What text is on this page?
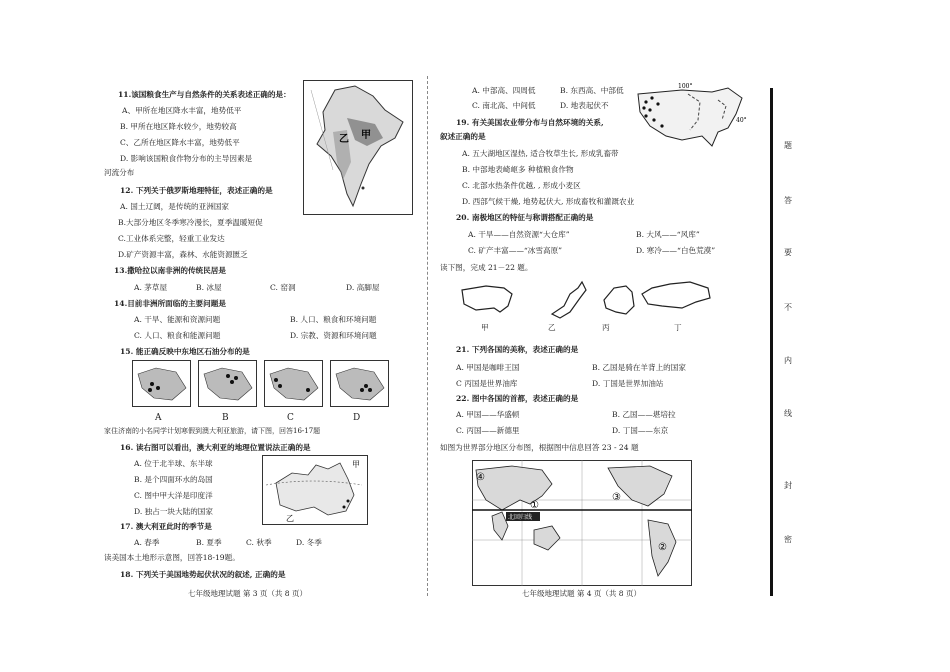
11.该国粮食生产与自然条件的关系表述正确的是：
A、甲所在地区降水丰富，地势低平
B. 甲所在地区降水较少，地势较高
C、乙所在地区降水丰富，地势低平
D. 影响该国粮食作物分布的主导因素是
河流分布
乙 甲
12. 下列关于俄罗斯地理特征，表述正确的是
A. 国土辽阔，是传统的亚洲国家
B.大部分地区冬季寒冷漫长，夏季温暖短促
C.工业体系完整，轻重工业发达
D.矿产资源丰富，森林、水能资源匮乏
13.撒哈拉以南非洲的传统民居是
A. 茅草屋	B. 冰屋	C. 窑洞	D. 高脚屋
14.目前非洲所面临的主要问题是
A. 干旱、能源和资源问题	B. 人口、粮食和环境问题
C. 人口、粮食和能源问题	D. 宗教、资源和环境问题
15. 能正确反映中东地区石油分布的是
A	B	C	D
家住济南的小名同学计划寒假到澳大利亚旅游，请下图，回答16-17题
16. 读右图可以看出，澳大利亚的地理位置说法正确的是
A. 位于北半球、东半球
B. 是个四面环水的岛国
C. 图中甲大洋是印度洋
D. 独占一块大陆的国家
甲
乙
17. 澳大利亚此时的季节是
A. 春季	B. 夏季	C. 秋季	D. 冬季
读美国本土地形示意图，回答18-19题。
18. 下列关于美国地势起伏状况的叙述, 正确的是
七年级地理试题 第 3 页（共 8 页）
A. 中部高、四周低	B. 东西高、中部低
C. 南北高、中间低	D. 地表起伏不
100°
40°
19. 有关美国农业带分布与自然环境的关系,
叙述正确的是
A. 五大湖地区湿热, 适合牧草生长, 形成乳畜带
B. 中部地表崎岖多 种植粮食作物
C. 北部水热条件优越, , 形成小麦区
D. 西部气候干燥, 地势起伏大, 形成畜牧和灌溉农业
20. 南极地区的特征与称谓搭配正确的是
A. 干旱——自然资源“大仓库”	B. 大风——“风库”
C. 矿产丰富——“冰雪高原”	D. 寒冷——“白色荒漠”
读下图，完成 21－22 题。
甲	乙	丙	丁
21. 下列各国的美称，表述正确的是
A. 甲国是咖啡王国	B. 乙国是骑在羊背上的国家
C 丙国是世界油库	D. 丁国是世界加油站
22. 图中各国的首都，表述正确的是
A. 甲国——华盛顿	B. 乙国——堪培拉
C. 丙国——新德里	D. 丁国——东京
如图为世界部分地区分布图，根据图中信息回答 23 - 24 题
北回归线
④
①
③
②
七年级地理试题 第 4 页（共 8 页）
题
答
要
不
内
线
封
密
